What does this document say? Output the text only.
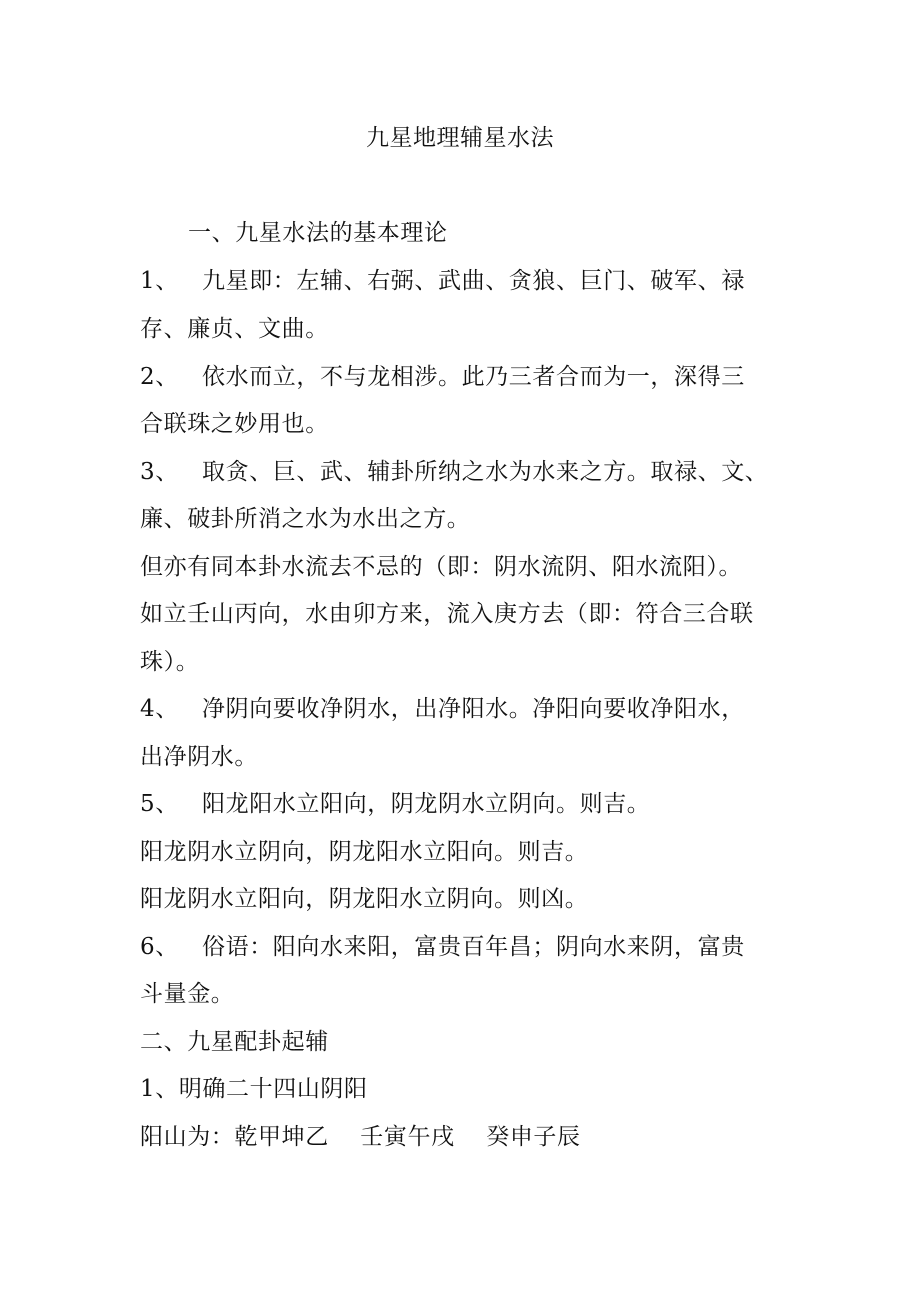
九星地理辅星水法
一、九星水法的基本理论
1、 九星即：左辅、右弼、武曲、贪狼、巨门、破军、禄
存、廉贞、文曲。
2、 依水而立，不与龙相涉。此乃三者合而为一，深得三
合联珠之妙用也。
3、 取贪、巨、武、辅卦所纳之水为水来之方。取禄、文、
廉、破卦所消之水为水出之方。
但亦有同本卦水流去不忌的（即：阴水流阴、阳水流阳）。
如立壬山丙向，水由卯方来，流入庚方去（即：符合三合联
珠）。
4、 净阴向要收净阴水，出净阳水。净阳向要收净阳水，
出净阴水。
5、 阳龙阳水立阳向，阴龙阴水立阴向。则吉。
阳龙阴水立阴向，阴龙阳水立阳向。则吉。
阳龙阴水立阳向，阴龙阳水立阴向。则凶。
6、 俗语：阳向水来阳，富贵百年昌；阴向水来阴，富贵
斗量金。
二、九星配卦起辅
1、明确二十四山阴阳
阳山为：乾甲坤乙　 壬寅午戌　 癸申子辰
